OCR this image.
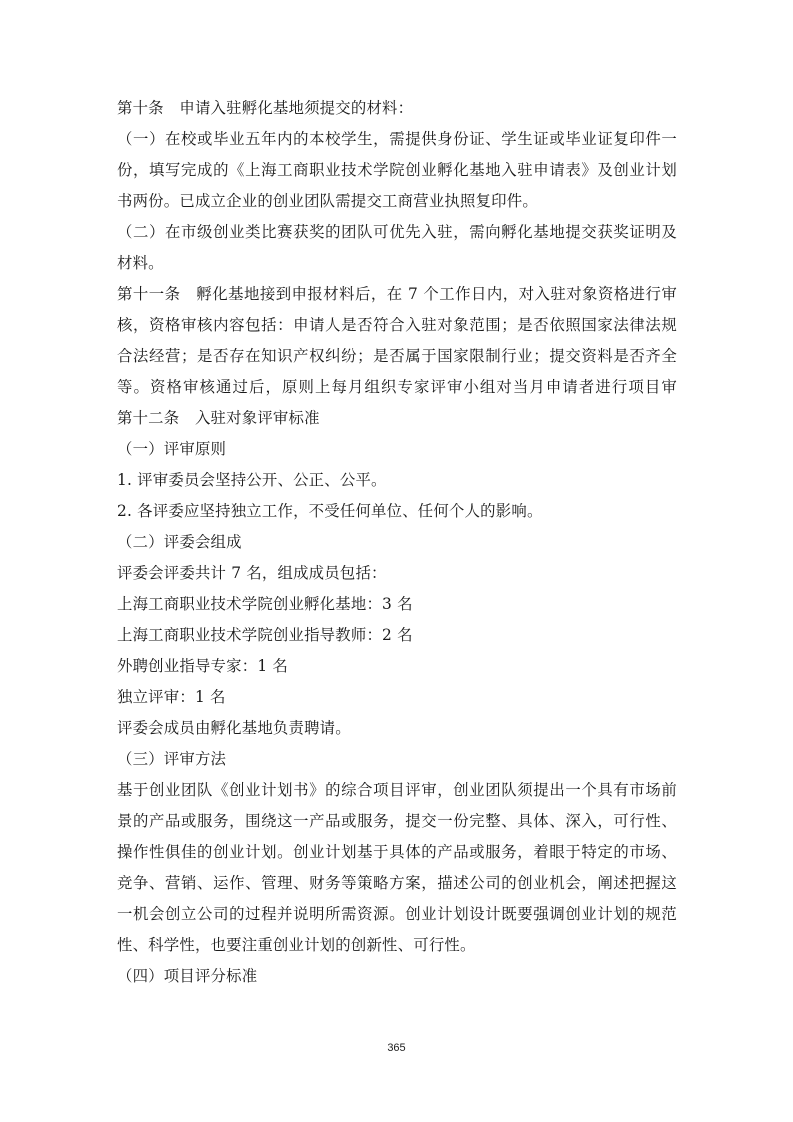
第十条　申请入驻孵化基地须提交的材料：
（一）在校或毕业五年内的本校学生，需提供身份证、学生证或毕业证复印件一
份，填写完成的《上海工商职业技术学院创业孵化基地入驻申请表》及创业计划
书两份。已成立企业的创业团队需提交工商营业执照复印件。
（二）在市级创业类比赛获奖的团队可优先入驻，需向孵化基地提交获奖证明及
材料。
第十一条　孵化基地接到申报材料后，在 7 个工作日内，对入驻对象资格进行审
核，资格审核内容包括：申请人是否符合入驻对象范围；是否依照国家法律法规
合法经营；是否存在知识产权纠纷；是否属于国家限制行业；提交资料是否齐全
等。资格审核通过后，原则上每月组织专家评审小组对当月申请者进行项目审
第十二条　入驻对象评审标准
（一）评审原则
1. 评审委员会坚持公开、公正、公平。
2. 各评委应坚持独立工作，不受任何单位、任何个人的影响。
（二）评委会组成
评委会评委共计 7 名，组成成员包括：
上海工商职业技术学院创业孵化基地：3 名
上海工商职业技术学院创业指导教师：2 名
外聘创业指导专家：1 名
独立评审：1 名
评委会成员由孵化基地负责聘请。
（三）评审方法
基于创业团队《创业计划书》的综合项目评审，创业团队须提出一个具有市场前
景的产品或服务，围绕这一产品或服务，提交一份完整、具体、深入，可行性、
操作性俱佳的创业计划。创业计划基于具体的产品或服务，着眼于特定的市场、
竞争、营销、运作、管理、财务等策略方案，描述公司的创业机会，阐述把握这
一机会创立公司的过程并说明所需资源。创业计划设计既要强调创业计划的规范
性、科学性，也要注重创业计划的创新性、可行性。
（四）项目评分标准
365
